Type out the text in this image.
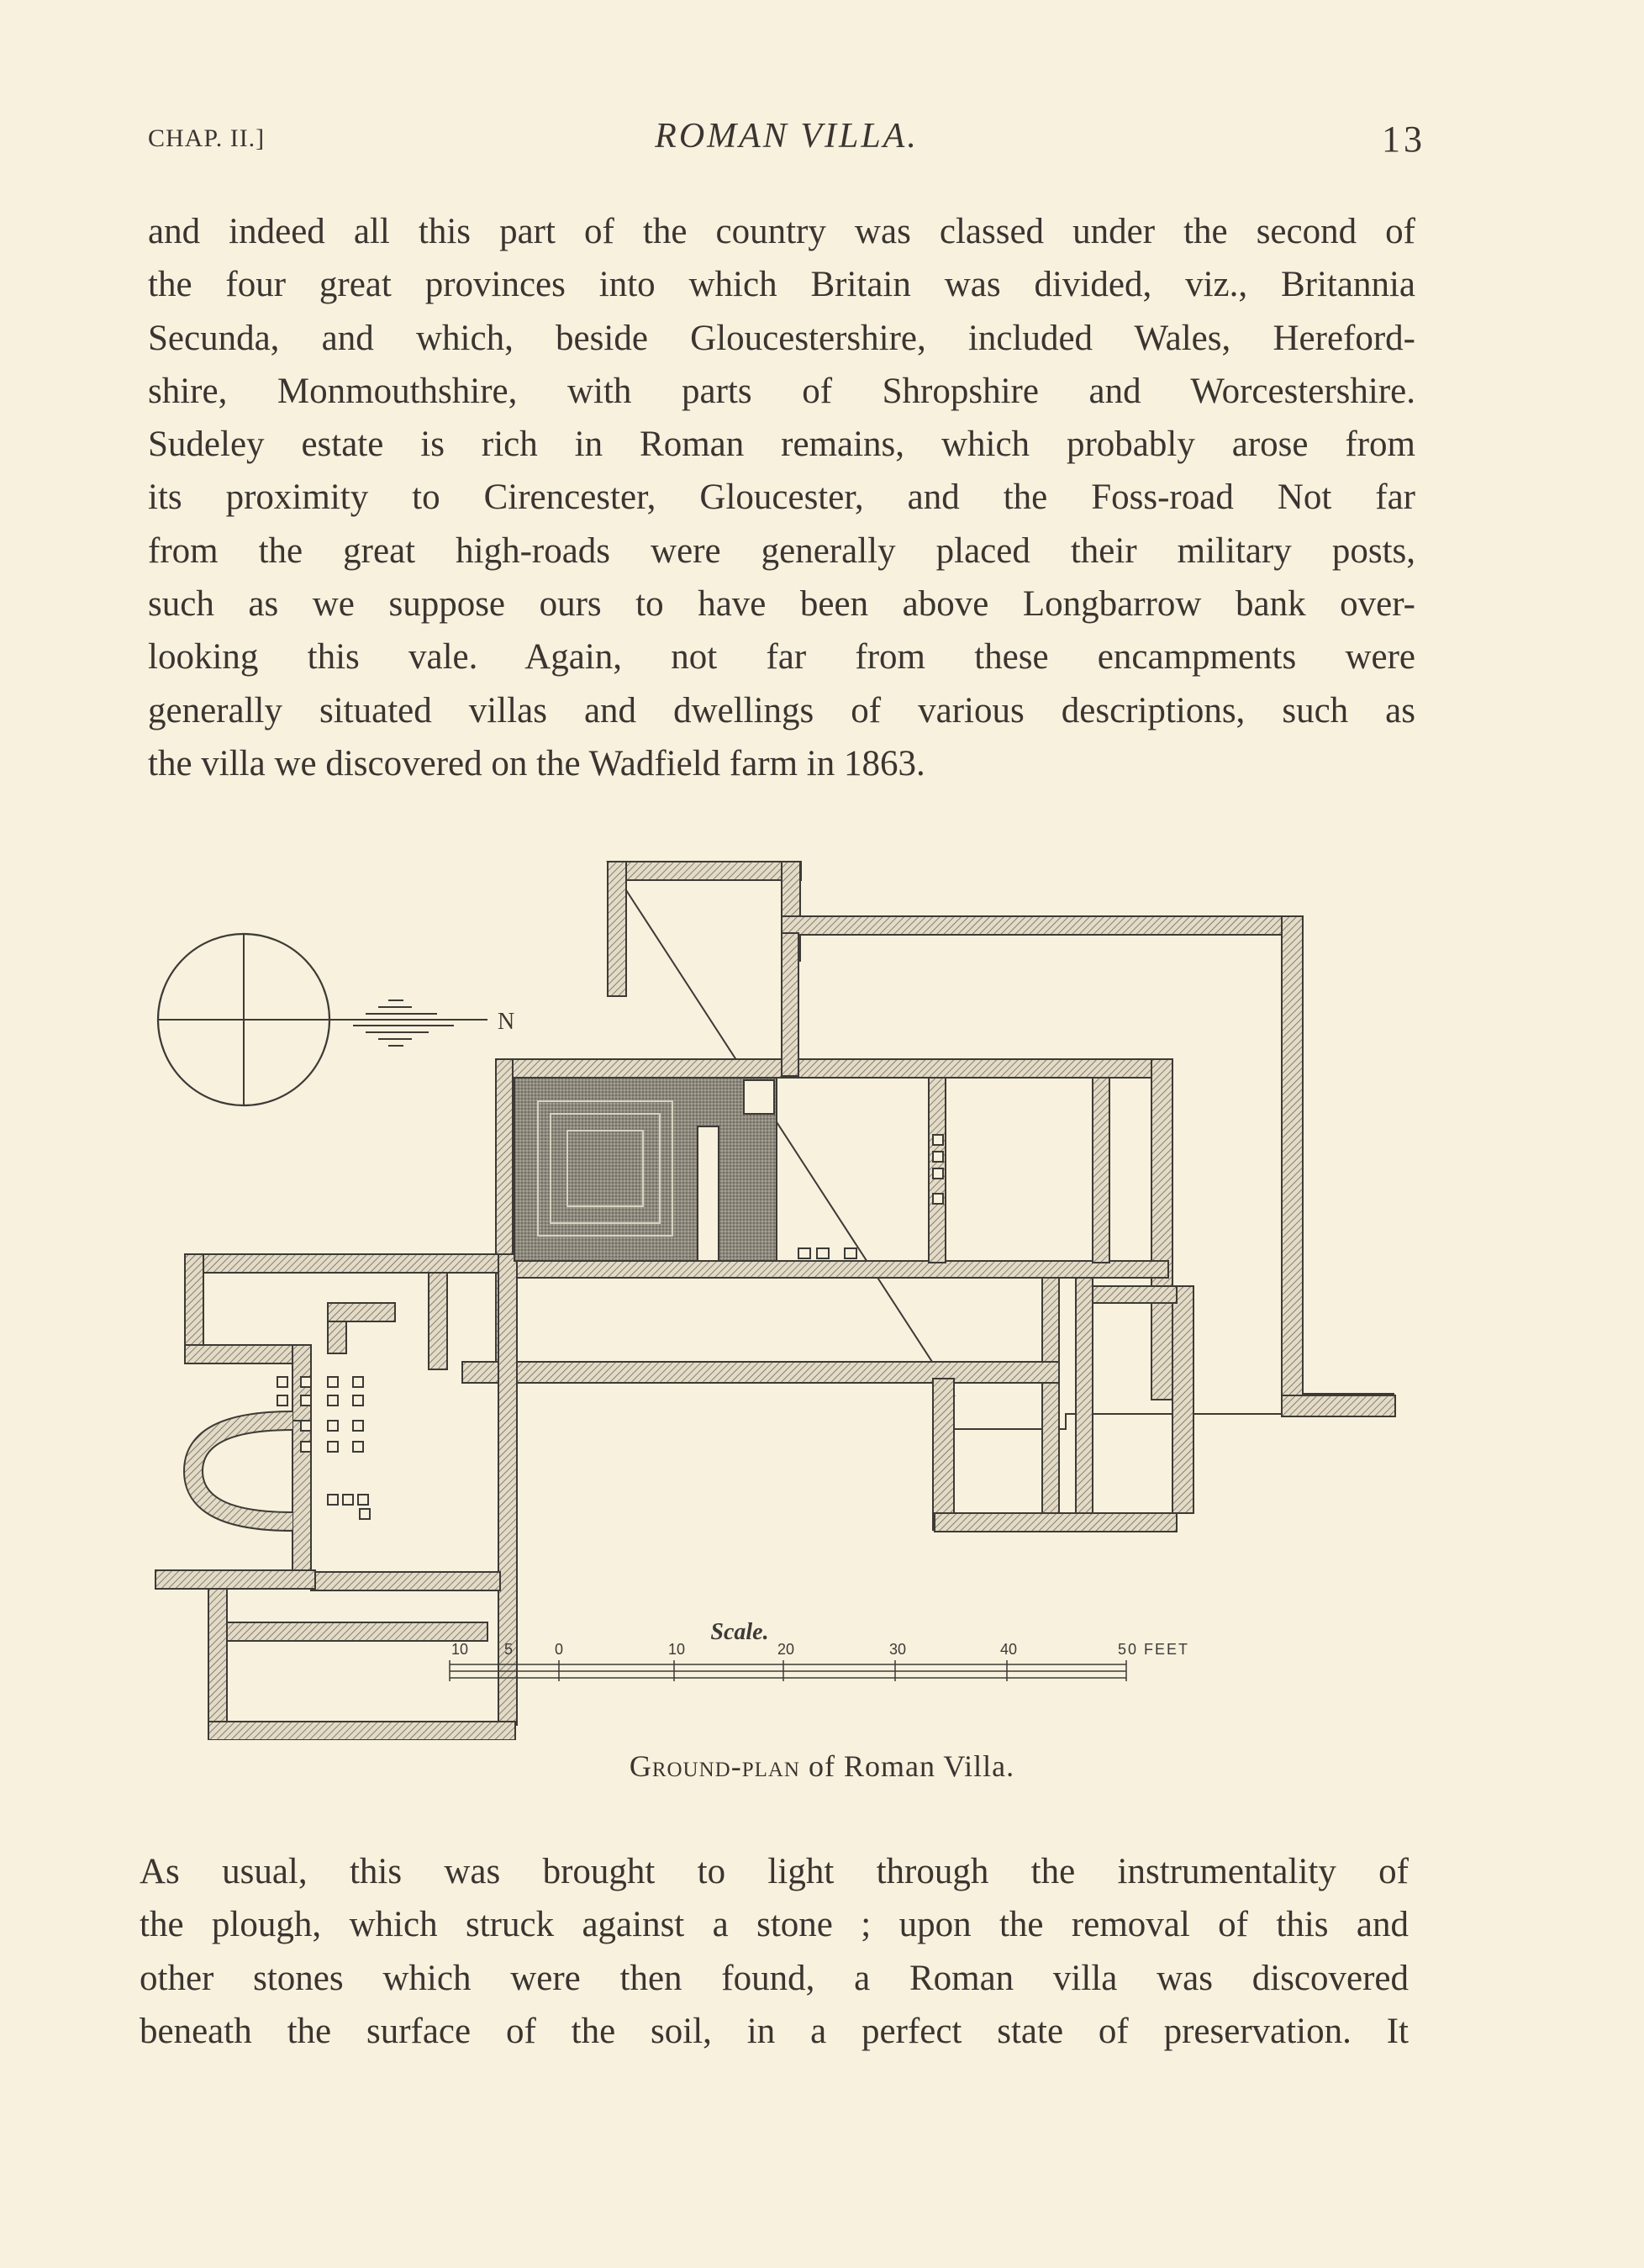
CHAP. II.]	ROMAN VILLA.	13

and indeed all this part of the country was classed under the second of
the four great provinces into which Britain was divided, viz., Britannia
Secunda, and which, beside Gloucestershire, included Wales, Hereford-
shire, Monmouthshire, with parts of Shropshire and Worcestershire.
Sudeley estate is rich in Roman remains, which probably arose from
its proximity to Cirencester, Gloucester, and the Foss-road Not far
from the great high-roads were generally placed their military posts,
such as we suppose ours to have been above Longbarrow bank over-
looking this vale. Again, not far from these encampments were
generally situated villas and dwellings of various descriptions, such as
the villa we discovered on the Wadfield farm in 1863.

N
Scale.
10 5	0	10	20	30	40	50 FEET
Ground-plan of Roman Villa.

As usual, this was brought to light through the instrumentality of
the plough, which struck against a stone ; upon the removal of this and
other stones which were then found, a Roman villa was discovered
beneath the surface of the soil, in a perfect state of preservation. It
